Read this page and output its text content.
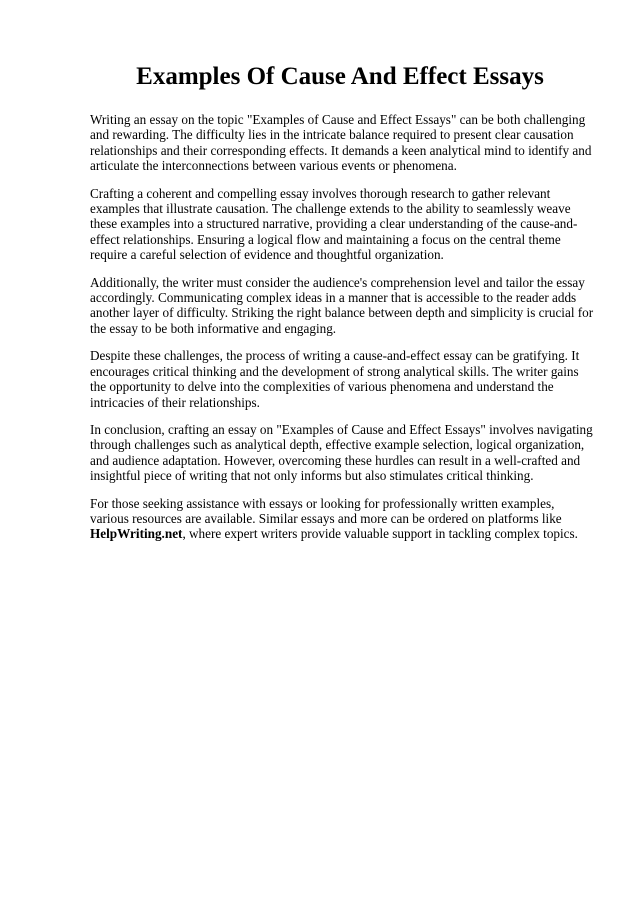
Examples Of Cause And Effect Essays

Writing an essay on the topic "Examples of Cause and Effect Essays" can be both challenging and rewarding. The difficulty lies in the intricate balance required to present clear causation relationships and their corresponding effects. It demands a keen analytical mind to identify and articulate the interconnections between various events or phenomena.

Crafting a coherent and compelling essay involves thorough research to gather relevant examples that illustrate causation. The challenge extends to the ability to seamlessly weave these examples into a structured narrative, providing a clear understanding of the cause-and-effect relationships. Ensuring a logical flow and maintaining a focus on the central theme require a careful selection of evidence and thoughtful organization.

Additionally, the writer must consider the audience's comprehension level and tailor the essay accordingly. Communicating complex ideas in a manner that is accessible to the reader adds another layer of difficulty. Striking the right balance between depth and simplicity is crucial for the essay to be both informative and engaging.

Despite these challenges, the process of writing a cause-and-effect essay can be gratifying. It encourages critical thinking and the development of strong analytical skills. The writer gains the opportunity to delve into the complexities of various phenomena and understand the intricacies of their relationships.

In conclusion, crafting an essay on "Examples of Cause and Effect Essays" involves navigating through challenges such as analytical depth, effective example selection, logical organization, and audience adaptation. However, overcoming these hurdles can result in a well-crafted and insightful piece of writing that not only informs but also stimulates critical thinking.

For those seeking assistance with essays or looking for professionally written examples, various resources are available. Similar essays and more can be ordered on platforms like HelpWriting.net, where expert writers provide valuable support in tackling complex topics.
